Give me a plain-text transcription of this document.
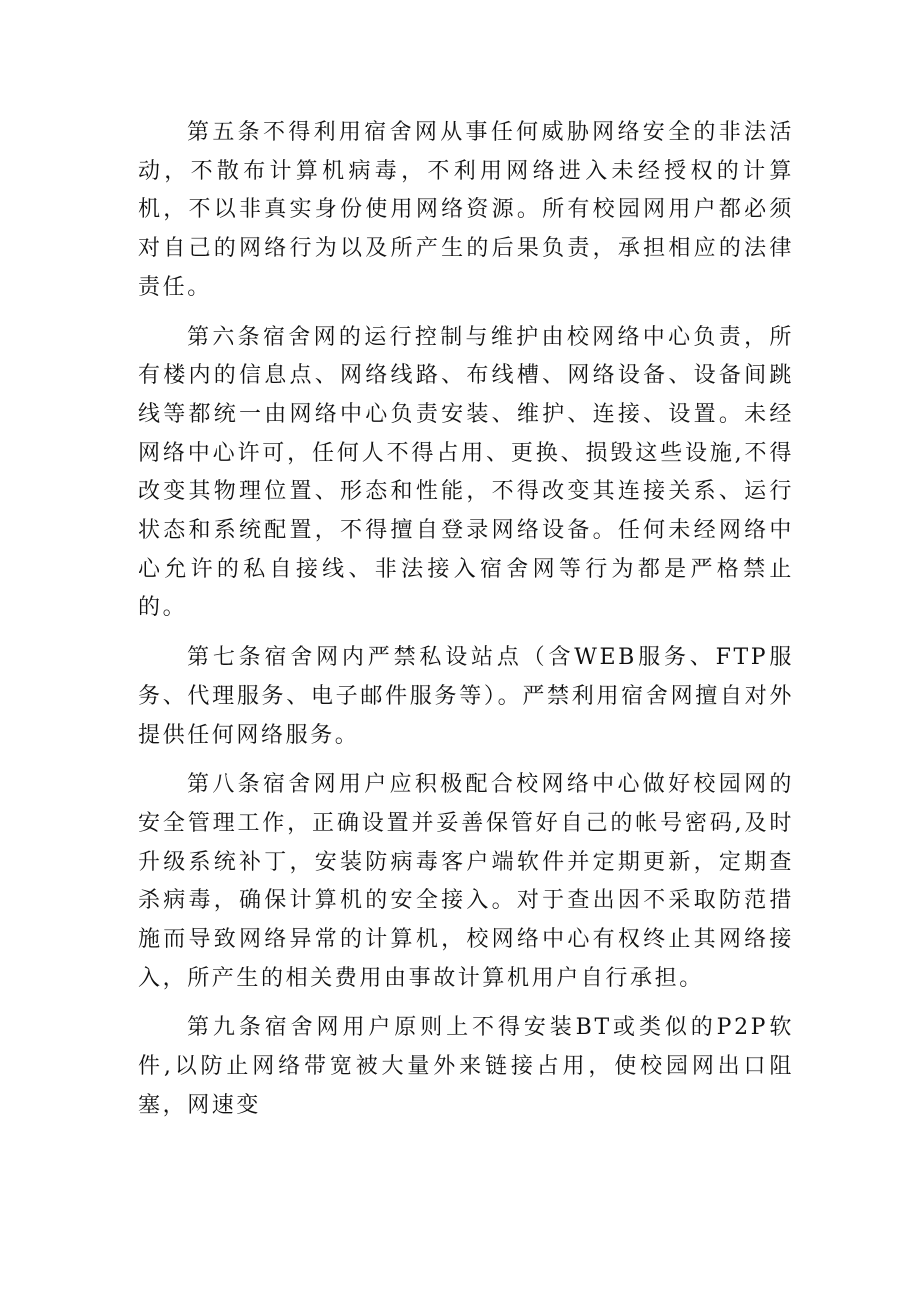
第五条不得利用宿舍网从事任何威胁网络安全的非法活动，不散布计算机病毒，不利用网络进入未经授权的计算机，不以非真实身份使用网络资源。所有校园网用户都必须对自己的网络行为以及所产生的后果负责，承担相应的法律责任。

第六条宿舍网的运行控制与维护由校网络中心负责，所有楼内的信息点、网络线路、布线槽、网络设备、设备间跳线等都统一由网络中心负责安装、维护、连接、设置。未经网络中心许可，任何人不得占用、更换、损毁这些设施,不得改变其物理位置、形态和性能，不得改变其连接关系、运行状态和系统配置，不得擅自登录网络设备。任何未经网络中心允许的私自接线、非法接入宿舍网等行为都是严格禁止的。

第七条宿舍网内严禁私设站点（含WEB服务、FTP服务、代理服务、电子邮件服务等）。严禁利用宿舍网擅自对外提供任何网络服务。

第八条宿舍网用户应积极配合校网络中心做好校园网的安全管理工作，正确设置并妥善保管好自己的帐号密码,及时升级系统补丁，安装防病毒客户端软件并定期更新，定期查杀病毒，确保计算机的安全接入。对于查出因不采取防范措施而导致网络异常的计算机，校网络中心有权终止其网络接入，所产生的相关费用由事故计算机用户自行承担。

第九条宿舍网用户原则上不得安装BT或类似的P2P软件,以防止网络带宽被大量外来链接占用，使校园网出口阻塞，网速变
